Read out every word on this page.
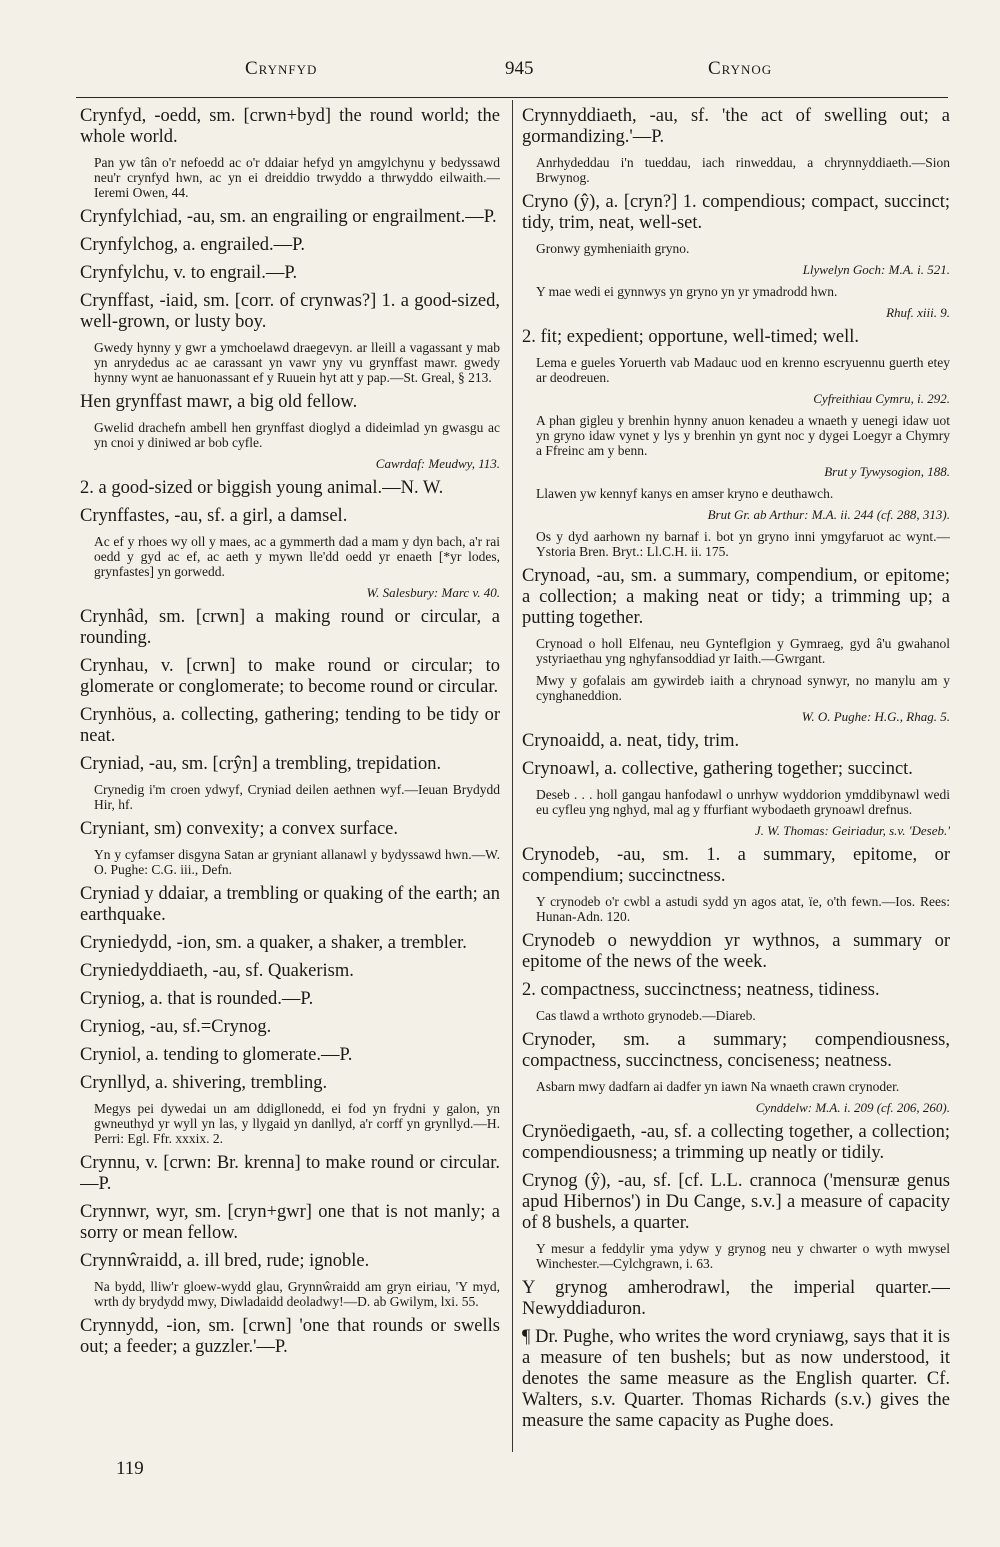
Crynfyd	945	Crynog

Crynfyd, -oedd, sm. [crwn+byd] the round world; the whole world.

Pan yw tân o'r nefoedd ac o'r ddaiar hefyd yn amgylchynu y bedyssawd neu'r crynfyd hwn, ac yn ei dreiddio trwyddo a thrwyddo eilwaith.—Ieremi Owen, 44.

Crynfylchiad, -au, sm. an engrailing or engrailment.—P.

Crynfylchog, a. engrailed.—P.

Crynfylchu, v. to engrail.—P.

Crynffast, -iaid, sm. [corr. of crynwas?] 1. a good-sized, well-grown, or lusty boy.

Gwedy hynny y gwr a ymchoelawd draegevyn. ar lleill a vagassant y mab yn anrydedus ac ae carassant yn vawr yny vu grynffast mawr. gwedy hynny wynt ae hanuonassant ef y Ruuein hyt att y pap.—St. Greal, § 213.

Hen grynffast mawr, a big old fellow.

Gwelid drachefn ambell hen grynffast dioglyd a dideimlad yn gwasgu ac yn cnoi y diniwed ar bob cyfle.

Cawrdaf: Meudwy, 113.

2. a good-sized or biggish young animal.—N. W.

Crynffastes, -au, sf. a girl, a damsel.

Ac ef y rhoes wy oll y maes, ac a gymmerth dad a mam y dyn bach, a'r rai oedd y gyd ac ef, ac aeth y mywn lle'dd oedd yr enaeth [*yr lodes, grynfastes] yn gorwedd.

W. Salesbury: Marc v. 40.

Crynhâd, sm. [crwn] a making round or circular, a rounding.

Crynhau, v. [crwn] to make round or circular; to glomerate or conglomerate; to become round or circular.

Crynhöus, a. collecting, gathering; tending to be tidy or neat.

Cryniad, -au, sm. [crŷn] a trembling, trepidation.

Crynedig i'm croen ydwyf, Cryniad deilen aethnen wyf.—Ieuan Brydydd Hir, hf.

Cryniant, sm) convexity; a convex surface.

Yn y cyfamser disgyna Satan ar gryniant allanawl y bydyssawd hwn.—W. O. Pughe: C.G. iii., Defn.

Cryniad y ddaiar, a trembling or quaking of the earth; an earthquake.

Cryniedydd, -ion, sm. a quaker, a shaker, a trembler.

Cryniedyddiaeth, -au, sf. Quakerism.

Cryniog, a. that is rounded.—P.

Cryniog, -au, sf.=Crynog.

Cryniol, a. tending to glomerate.—P.

Crynllyd, a. shivering, trembling.

Megys pei dywedai un am ddigllonedd, ei fod yn frydni y galon, yn gwneuthyd yr wyll yn las, y llygaid yn danllyd, a'r corff yn grynllyd.—H. Perri: Egl. Ffr. xxxix. 2.

Crynnu, v. [crwn: Br. krenna] to make round or circular.—P.

Crynnwr, wyr, sm. [cryn+gwr] one that is not manly; a sorry or mean fellow.

Crynnŵraidd, a. ill bred, rude; ignoble.

Na bydd, lliw'r gloew-wydd glau, Grynnŵraidd am gryn eiriau, 'Y myd, wrth dy brydydd mwy, Diwladaidd deoladwy!—D. ab Gwilym, lxi. 55.

Crynnydd, -ion, sm. [crwn] 'one that rounds or swells out; a feeder; a guzzler.'—P.

Crynnyddiaeth, -au, sf. 'the act of swelling out; a gormandizing.'—P.

Anrhydeddau i'n tueddau, iach rinweddau, a chrynnyddiaeth.—Sion Brwynog.

Cryno (ŷ), a. [cryn?] 1. compendious; compact, succinct; tidy, trim, neat, well-set.

Gronwy gymheniaith gryno.

Llywelyn Goch: M.A. i. 521.

Y mae wedi ei gynnwys yn gryno yn yr ymadrodd hwn.

Rhuf. xiii. 9.

2. fit; expedient; opportune, well-timed; well.

Lema e gueles Yoruerth vab Madauc uod en krenno escryuennu guerth etey ar deodreuen.

Cyfreithiau Cymru, i. 292.

A phan gigleu y brenhin hynny anuon kenadeu a wnaeth y uenegi idaw uot yn gryno idaw vynet y lys y brenhin yn gynt noc y dygei Loegyr a Chymry a Ffreinc am y benn.

Brut y Tywysogion, 188.

Llawen yw kennyf kanys en amser kryno e deuthawch.

Brut Gr. ab Arthur: M.A. ii. 244 (cf. 288, 313).

Os y dyd aarhown ny barnaf i. bot yn gryno inni ymgyfaruot ac wynt.—Ystoria Bren. Bryt.: Ll.C.H. ii. 175.

Crynoad, -au, sm. a summary, compendium, or epitome; a collection; a making neat or tidy; a trimming up; a putting together.

Crynoad o holl Elfenau, neu Gynteflgion y Gymraeg, gyd â'u gwahanol ystyriaethau yng nghyfansoddiad yr Iaith.—Gwrgant.

Mwy y gofalais am gywirdeb iaith a chrynoad synwyr, no manylu am y cynghaneddion.

W. O. Pughe: H.G., Rhag. 5.

Crynoaidd, a. neat, tidy, trim.

Crynoawl, a. collective, gathering together; succinct.

Deseb . . . holl gangau hanfodawl o unrhyw wyddorion ymddibynawl wedi eu cyfleu yng nghyd, mal ag y ffurfiant wybodaeth grynoawl drefnus.

J. W. Thomas: Geiriadur, s.v. 'Deseb.'

Crynodeb, -au, sm. 1. a summary, epitome, or compendium; succinctness.

Y crynodeb o'r cwbl a astudi sydd yn agos atat, ïe, o'th fewn.—Ios. Rees: Hunan-Adn. 120.

Crynodeb o newyddion yr wythnos, a summary or epitome of the news of the week.

2. compactness, succinctness; neatness, tidiness.

Cas tlawd a wrthoto grynodeb.—Diareb.

Crynoder, sm. a summary; compendiousness, compactness, succinctness, conciseness; neatness.

Asbarn mwy dadfarn ai dadfer yn iawn Na wnaeth crawn crynoder.

Cynddelw: M.A. i. 209 (cf. 206, 260).

Crynöedigaeth, -au, sf. a collecting together, a collection; compendiousness; a trimming up neatly or tidily.

Crynog (ŷ), -au, sf. [cf. L.L. crannoca ('mensuræ genus apud Hibernos') in Du Cange, s.v.] a measure of capacity of 8 bushels, a quarter.

Y mesur a feddylir yma ydyw y grynog neu y chwarter o wyth mwysel Winchester.—Cylchgrawn, i. 63.

Y grynog amherodrawl, the imperial quarter.—Newyddiaduron.

¶ Dr. Pughe, who writes the word cryniawg, says that it is a measure of ten bushels; but as now understood, it denotes the same measure as the English quarter. Cf. Walters, s.v. Quarter. Thomas Richards (s.v.) gives the measure the same capacity as Pughe does.

119
